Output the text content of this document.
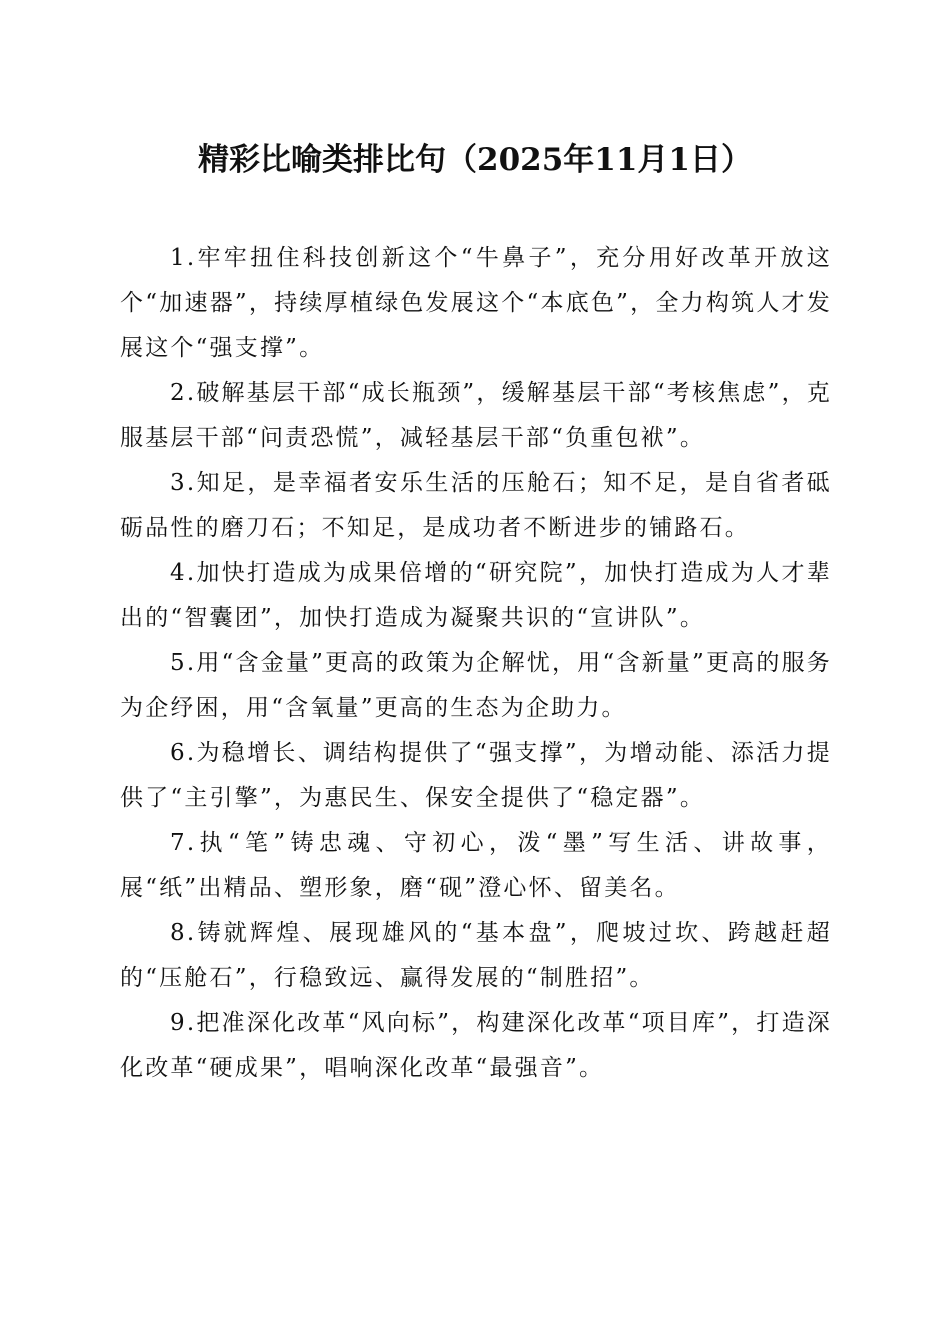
精彩比喻类排比句（2025年11月1日）

1.牢牢扭住科技创新这个“牛鼻子”，充分用好改革开放这个“加速器”，持续厚植绿色发展这个“本底色”，全力构筑人才发展这个“强支撑”。

2.破解基层干部“成长瓶颈”，缓解基层干部“考核焦虑”，克服基层干部“问责恐慌”，减轻基层干部“负重包袱”。

3.知足，是幸福者安乐生活的压舱石；知不足，是自省者砥砺品性的磨刀石；不知足，是成功者不断进步的铺路石。

4.加快打造成为成果倍增的“研究院”，加快打造成为人才辈出的“智囊团”，加快打造成为凝聚共识的“宣讲队”。

5.用“含金量”更高的政策为企解忧，用“含新量”更高的服务为企纾困，用“含氧量”更高的生态为企助力。

6.为稳增长、调结构提供了“强支撑”，为增动能、添活力提供了“主引擎”，为惠民生、保安全提供了“稳定器”。

7.执“笔”铸忠魂、守初心，泼“墨”写生活、讲故事，展“纸”出精品、塑形象，磨“砚”澄心怀、留美名。

8.铸就辉煌、展现雄风的“基本盘”，爬坡过坎、跨越赶超的“压舱石”，行稳致远、赢得发展的“制胜招”。

9.把准深化改革“风向标”，构建深化改革“项目库”，打造深化改革“硬成果”，唱响深化改革“最强音”。
